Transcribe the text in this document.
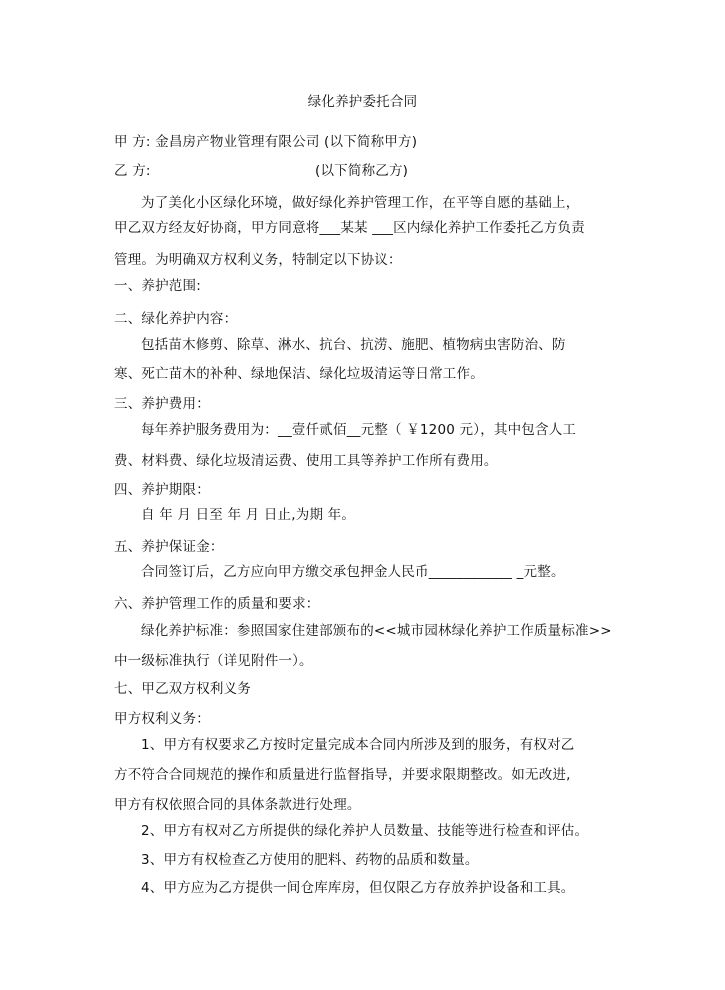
绿化养护委托合同
甲 方: 金昌房产物业管理有限公司 (以下简称甲方)
乙 方:	(以下简称乙方)
为了美化小区绿化环境，做好绿化养护管理工作，在平等自愿的基础上，
甲乙双方经友好协商，甲方同意将___某某 ___区内绿化养护工作委托乙方负责
管理。为明确双方权利义务，特制定以下协议：
一、养护范围:
二、绿化养护内容：
包括苗木修剪、除草、淋水、抗台、抗涝、施肥、植物病虫害防治、防
寒、死亡苗木的补种、绿地保洁、绿化垃圾清运等日常工作。
三、养护费用：
每年养护服务费用为：__壹仟贰佰__元整（ ￥1200 元），其中包含人工
费、材料费、绿化垃圾清运费、使用工具等养护工作所有费用。
四、养护期限：
自 年 月 日至 年 月 日止,为期 年。
五、养护保证金：
合同签订后，乙方应向甲方缴交承包押金人民币____________ _元整。
六、养护管理工作的质量和要求：
绿化养护标准：参照国家住建部颁布的<<城市园林绿化养护工作质量标准>>
中一级标准执行（详见附件一）。
七、甲乙双方权利义务
甲方权利义务：
1、甲方有权要求乙方按时定量完成本合同内所涉及到的服务，有权对乙
方不符合合同规范的操作和质量进行监督指导，并要求限期整改。如无改进,
甲方有权依照合同的具体条款进行处理。
2、甲方有权对乙方所提供的绿化养护人员数量、技能等进行检查和评估。
3、甲方有权检查乙方使用的肥料、药物的品质和数量。
4、甲方应为乙方提供一间仓库库房，但仅限乙方存放养护设备和工具。
